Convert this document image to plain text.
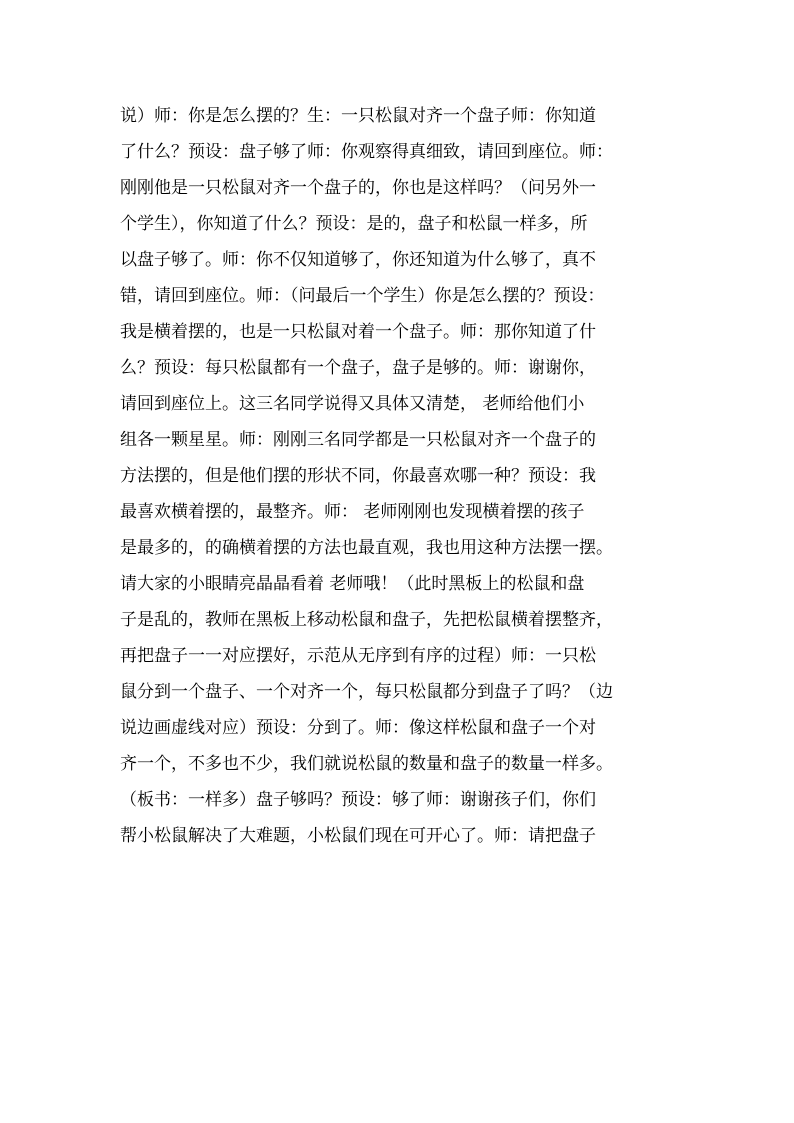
说）师：你是怎么摆的？生：一只松鼠对齐一个盘子师：你知道
了什么？预设：盘子够了师：你观察得真细致，请回到座位。师：
刚刚他是一只松鼠对齐一个盘子的，你也是这样吗？（问另外一
个学生），你知道了什么？预设：是的，盘子和松鼠一样多，所
以盘子够了。师：你不仅知道够了，你还知道为什么够了，真不
错，请回到座位。师：（问最后一个学生）你是怎么摆的？预设：
我是横着摆的，也是一只松鼠对着一个盘子。师：那你知道了什
么？预设：每只松鼠都有一个盘子，盘子是够的。师：谢谢你，
请回到座位上。这三名同学说得又具体又清楚， 老师给他们小
组各一颗星星。师：刚刚三名同学都是一只松鼠对齐一个盘子的
方法摆的，但是他们摆的形状不同，你最喜欢哪一种？预设：我
最喜欢横着摆的，最整齐。师： 老师刚刚也发现横着摆的孩子
是最多的，的确横着摆的方法也最直观，我也用这种方法摆一摆。
请大家的小眼睛亮晶晶看着 老师哦！（此时黑板上的松鼠和盘
子是乱的，教师在黑板上移动松鼠和盘子，先把松鼠横着摆整齐，
再把盘子一一对应摆好，示范从无序到有序的过程）师：一只松
鼠分到一个盘子、一个对齐一个，每只松鼠都分到盘子了吗？（边
说边画虚线对应）预设：分到了。师：像这样松鼠和盘子一个对
齐一个，不多也不少，我们就说松鼠的数量和盘子的数量一样多。
（板书：一样多）盘子够吗？预设：够了师：谢谢孩子们，你们
帮小松鼠解决了大难题，小松鼠们现在可开心了。师：请把盘子
